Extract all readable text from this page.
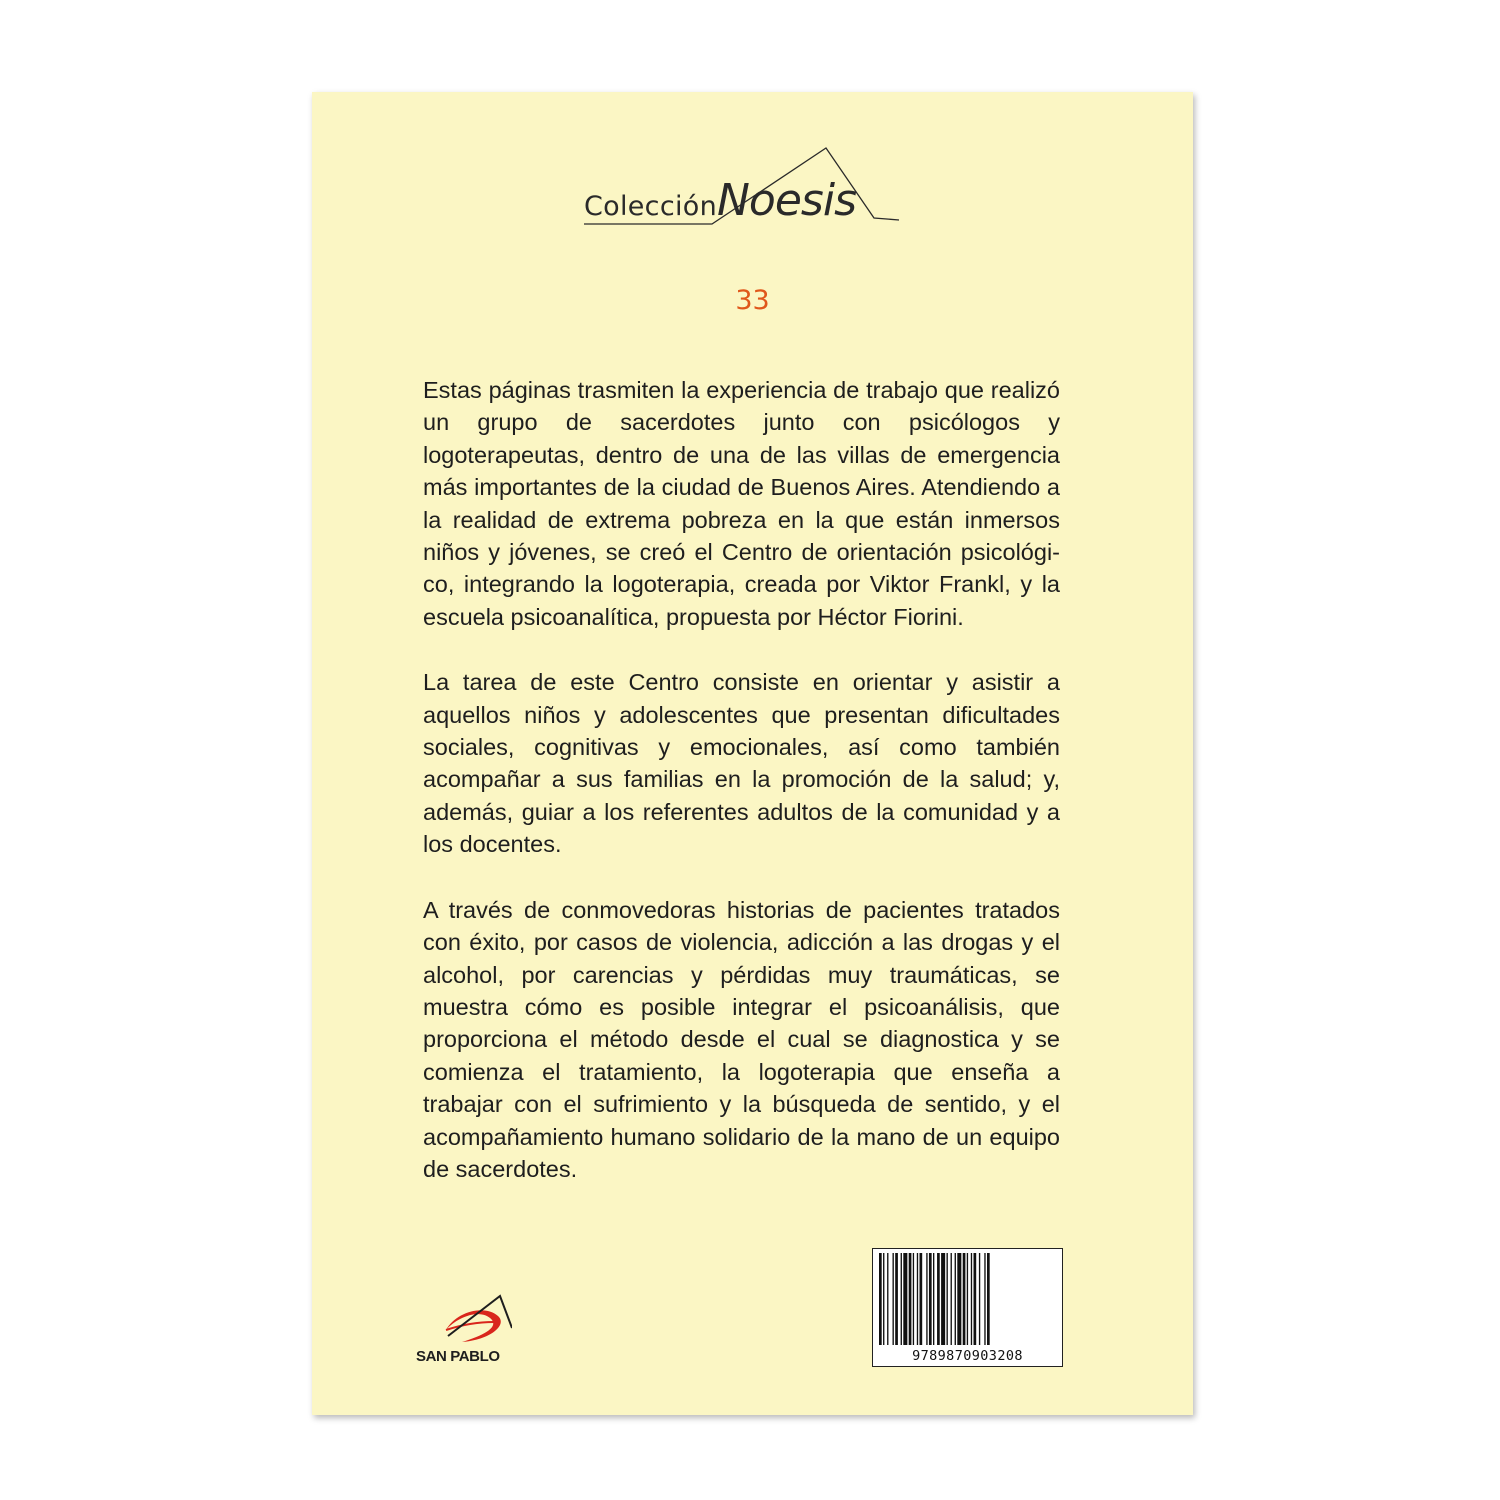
ColecciónNoesis
33

Estas páginas trasmiten la experiencia de trabajo que realizó un grupo de sacerdotes junto con psicólogos y logoterapeutas, dentro de una de las villas de emergencia más importantes de la ciudad de Buenos Aires. Atendiendo a la realidad de extrema pobreza en la que están inmersos niños y jóvenes, se creó el Centro de orientación psicológi-co, integrando la logoterapia, creada por Viktor Frankl, y la escuela psicoanalítica, propuesta por Héctor Fiorini.

La tarea de este Centro consiste en orientar y asistir a aquellos niños y adolescentes que presentan dificultades sociales, cognitivas y emocionales, así como también acompañar a sus familias en la promoción de la salud; y, además, guiar a los referentes adultos de la comunidad y a los docentes.

A través de conmovedoras historias de pacientes tratados con éxito, por casos de violencia, adicción a las drogas y el alcohol, por carencias y pérdidas muy traumáticas, se muestra cómo es posible integrar el psicoanálisis, que proporciona el método desde el cual se diagnostica y se comienza el tratamiento, la logoterapia que enseña a trabajar con el sufrimiento y la búsqueda de sentido, y el acompañamiento humano solidario de la mano de un equipo de sacerdotes.

SAN PABLO	9789870903208
